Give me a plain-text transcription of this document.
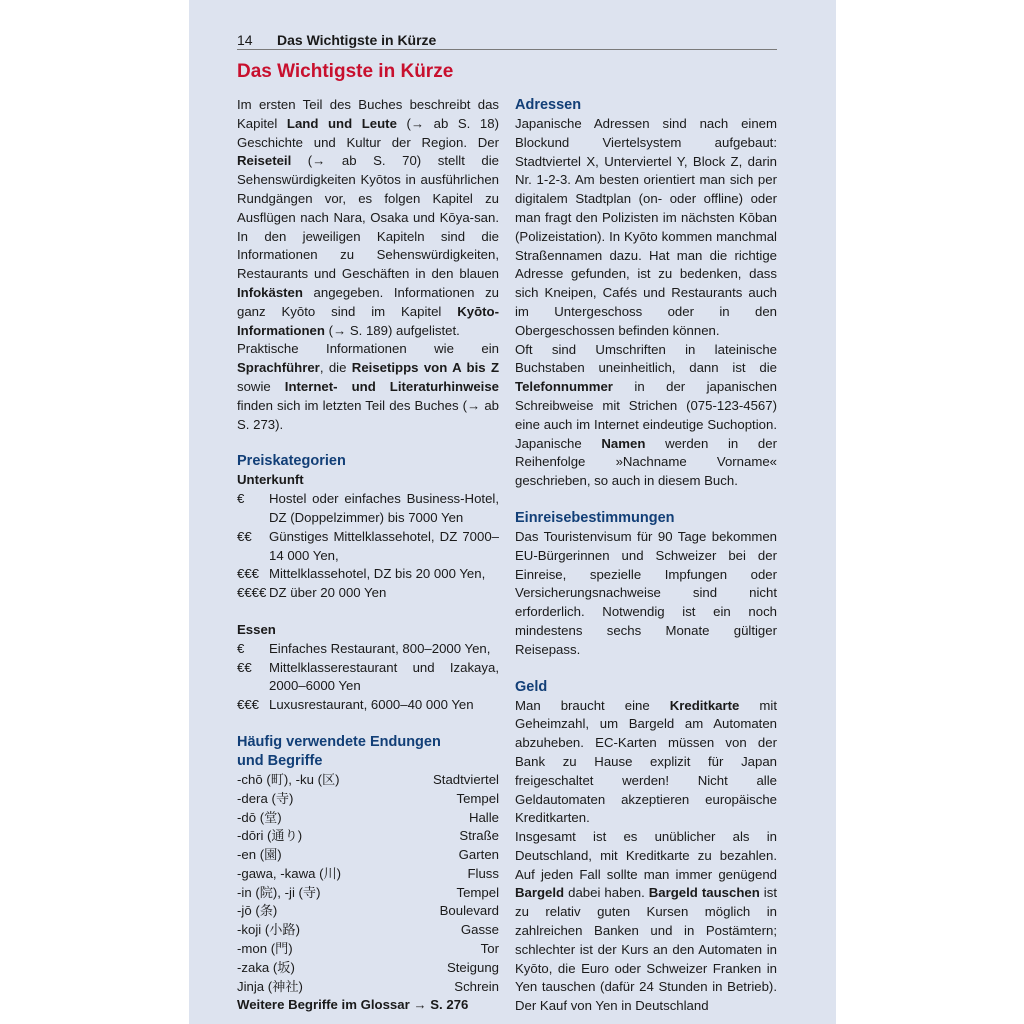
14 Das Wichtigste in Kürze
Das Wichtigste in Kürze

Im ersten Teil des Buches beschreibt das Kapitel Land und Leute (→ ab S. 18) Geschichte und Kultur der Region. Der Reiseteil (→ ab S. 70) stellt die Sehenswürdigkeiten Kyōtos in ausführlichen Rundgängen vor, es folgen Kapitel zu Ausflügen nach Nara, Osaka und Kōya-san. In den jeweiligen Kapiteln sind die Informationen zu Sehenswürdigkeiten, Restaurants und Geschäften in den blauen Infokästen angegeben. Informationen zu ganz Kyōto sind im Kapitel Kyōto-Informationen (→ S. 189) aufgelistet.

Praktische Informationen wie ein Sprachführer, die Reisetipps von A bis Z sowie Internet- und Literaturhinweise finden sich im letzten Teil des Buches (→ ab S. 273).

Preiskategorien
Unterkunft
€	Hostel oder einfaches Business-Hotel, DZ (Doppelzimmer) bis 7000 Yen
€€	Günstiges Mittelklassehotel, DZ 7000–14 000 Yen,
€€€ Mittelklassehotel, DZ bis 20 000 Yen,
€€€€ DZ über 20 000 Yen
Essen
€	Einfaches Restaurant, 800–2000 Yen,
€€	Mittelklasserestaurant und Izakaya, 2000–6000 Yen
€€€ Luxusrestaurant, 6000–40 000 Yen
Häufig verwendete Endungen
und Begriffe
-chō (町), -ku (区)	Stadtviertel
-dera (寺)	Tempel
-dō (堂)	Halle
-dōri (通り)	Straße
-en (園)	Garten
-gawa, -kawa (川)	Fluss
-in (院), -ji (寺)	Tempel
-jō (条)	Boulevard
-koji (小路)	Gasse
-mon (門)	Tor
-zaka (坂)	Steigung
Jinja (神社)	Schrein
Weitere Begriffe im Glossar → S. 276
Adressen

Japanische Adressen sind nach einem Blockund Viertelsystem aufgebaut: Stadtviertel X, Unterviertel Y, Block Z, darin Nr. 1-2-3. Am besten orientiert man sich per digitalem Stadtplan (on- oder offline) oder man fragt den Polizisten im nächsten Kōban (Polizeistation). In Kyōto kommen manchmal Straßennamen dazu. Hat man die richtige Adresse gefunden, ist zu bedenken, dass sich Kneipen, Cafés und Restaurants auch im Untergeschoss oder in den Obergeschossen befinden können.

Oft sind Umschriften in lateinische Buchstaben uneinheitlich, dann ist die Telefonnummer in der japanischen Schreibweise mit Strichen (075-123-4567) eine auch im Internet eindeutige Suchoption. Japanische Namen werden in der Reihenfolge »Nachname Vorname« geschrieben, so auch in diesem Buch.

Einreisebestimmungen

Das Touristenvisum für 90 Tage bekommen EU-Bürgerinnen und Schweizer bei der Einreise, spezielle Impfungen oder Versicherungsnachweise sind nicht erforderlich. Notwendig ist ein noch mindestens sechs Monate gültiger Reisepass.

Geld

Man braucht eine Kreditkarte mit Geheimzahl, um Bargeld am Automaten abzuheben. EC-Karten müssen von der Bank zu Hause explizit für Japan freigeschaltet werden! Nicht alle Geldautomaten akzeptieren europäische Kreditkarten.

Insgesamt ist es unüblicher als in Deutschland, mit Kreditkarte zu bezahlen. Auf jeden Fall sollte man immer genügend Bargeld dabei haben. Bargeld tauschen ist zu relativ guten Kursen möglich in zahlreichen Banken und in Postämtern; schlechter ist der Kurs an den Automaten in Kyōto, die Euro oder Schweizer Franken in Yen tauschen (dafür 24 Stunden in Betrieb). Der Kauf von Yen in Deutschland
